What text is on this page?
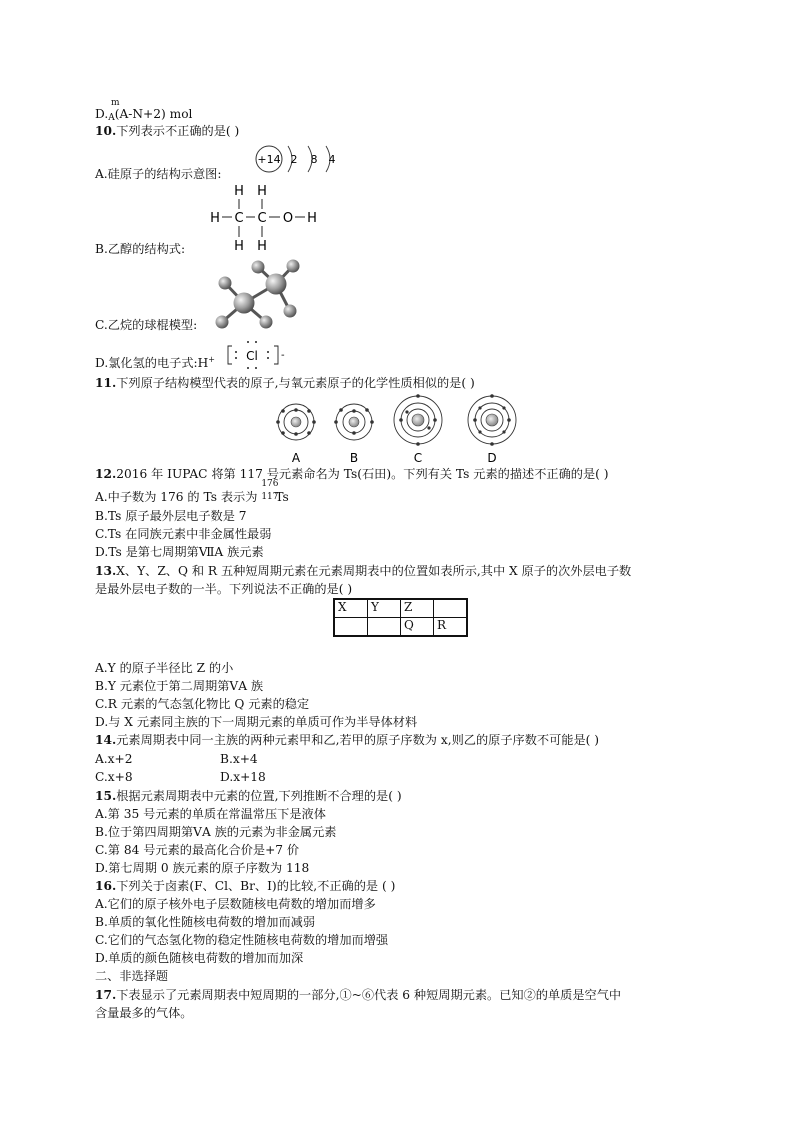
m
D.A(A-N+2) mol
10.下列表示不正确的是( )
A.硅原子的结构示意图:
+14 2 8 4
H H
H C C O H
H H
B.乙醇的结构式:
C.乙烷的球棍模型:
D.氯化氢的电子式:H+	Cl -
11.下列原子结构模型代表的原子,与氧元素原子的化学性质相似的是( )
A	B	C	D
12.2016 年 IUPAC 将第 117 号元素命名为 Ts(石田)。下列有关 Ts 元素的描述不正确的是( )
A.中子数为 176 的 Ts 表示为
176
117
Ts
B.Ts 原子最外层电子数是 7
C.Ts 在同族元素中非金属性最弱
D.Ts 是第七周期第ⅦA 族元素
13.X、Y、Z、Q 和 R 五种短周期元素在元素周期表中的位置如表所示,其中 X 原子的次外层电子数
是最外层电子数的一半。下列说法不正确的是( )
X	Y	Z	
		Q	R
A.Y 的原子半径比 Z 的小
B.Y 元素位于第二周期第ⅤA 族
C.R 元素的气态氢化物比 Q 元素的稳定
D.与 X 元素同主族的下一周期元素的单质可作为半导体材料
14.元素周期表中同一主族的两种元素甲和乙,若甲的原子序数为 x,则乙的原子序数不可能是( )
A.x+2	B.x+4
C.x+8	D.x+18
15.根据元素周期表中元素的位置,下列推断不合理的是( )
A.第 35 号元素的单质在常温常压下是液体
B.位于第四周期第ⅤA 族的元素为非金属元素
C.第 84 号元素的最高化合价是+7 价
D.第七周期 0 族元素的原子序数为 118
16.下列关于卤素(F、Cl、Br、I)的比较,不正确的是 ( )
A.它们的原子核外电子层数随核电荷数的增加而增多
B.单质的氧化性随核电荷数的增加而减弱
C.它们的气态氢化物的稳定性随核电荷数的增加而增强
D.单质的颜色随核电荷数的增加而加深
二、非选择题
17.下表显示了元素周期表中短周期的一部分,①~⑥代表 6 种短周期元素。已知②的单质是空气中
含量最多的气体。
